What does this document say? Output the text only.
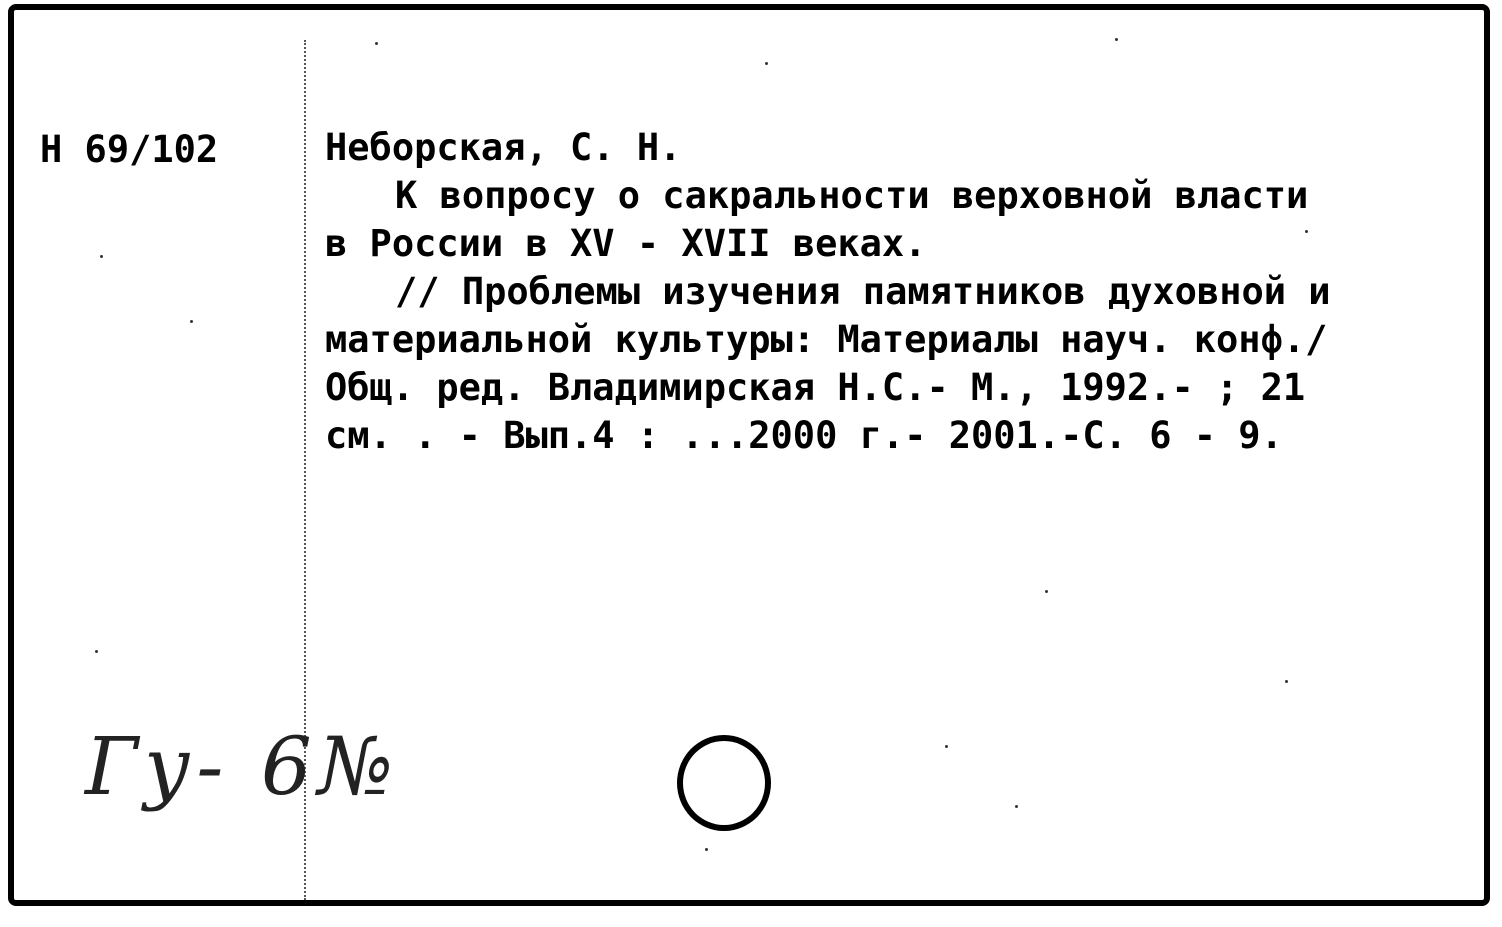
Н 69/102	Неборская, С. Н.
К вопросу о сакральности верховной власти
в России в XV - XVII веках.
// Проблемы изучения памятников духовной и
материальной культуры: Материалы науч. конф./
Общ. ред. Владимирская Н.С.- М., 1992.- ; 21
см. . - Вып.4 : ...2000 г.- 2001.-С. 6 - 9.
Гу- 6№
